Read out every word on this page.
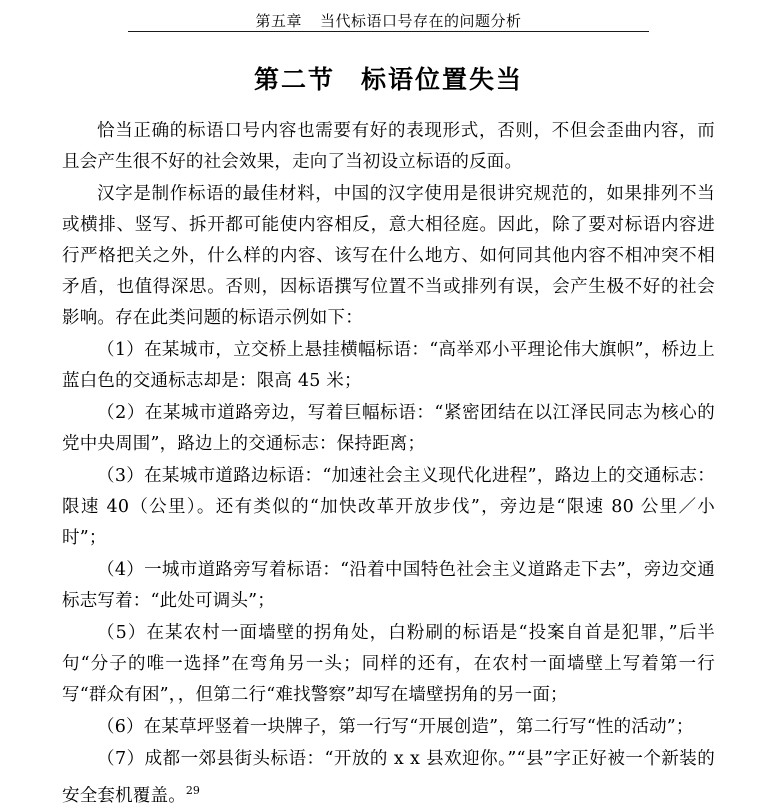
第五章 当代标语口号存在的问题分析
第二节 标语位置失当

恰当正确的标语口号内容也需要有好的表现形式，否则，不但会歪曲内容，而且会产生很不好的社会效果，走向了当初设立标语的反面。

汉字是制作标语的最佳材料，中国的汉字使用是很讲究规范的，如果排列不当或横排、竖写、拆开都可能使内容相反，意大相径庭。因此，除了要对标语内容进行严格把关之外，什么样的内容、该写在什么地方、如何同其他内容不相冲突不相矛盾，也值得深思。否则，因标语撰写位置不当或排列有误，会产生极不好的社会影响。存在此类问题的标语示例如下：

（1）在某城市，立交桥上悬挂横幅标语：“高举邓小平理论伟大旗帜”，桥边上蓝白色的交通标志却是：限高 45 米；

（2）在某城市道路旁边，写着巨幅标语：“紧密团结在以江泽民同志为核心的党中央周围”，路边上的交通标志：保持距离；

（3）在某城市道路边标语：“加速社会主义现代化进程”，路边上的交通标志：限速 40（公里）。还有类似的“加快改革开放步伐”，旁边是“限速 80 公里／小时”；

（4）一城市道路旁写着标语：“沿着中国特色社会主义道路走下去”，旁边交通标志写着：“此处可调头”；

（5）在某农村一面墙壁的拐角处，白粉刷的标语是“投案自首是犯罪，”后半句“分子的唯一选择”在弯角另一头；同样的还有，在农村一面墙壁上写着第一行写“群众有困”，，但第二行“难找警察”却写在墙壁拐角的另一面；

（6）在某草坪竖着一块牌子，第一行写“开展创造”，第二行写“性的活动”；

（7）成都一郊县街头标语：“开放的 x x 县欢迎你。”“县”字正好被一个新装的安全套机覆盖。$^{29}$
